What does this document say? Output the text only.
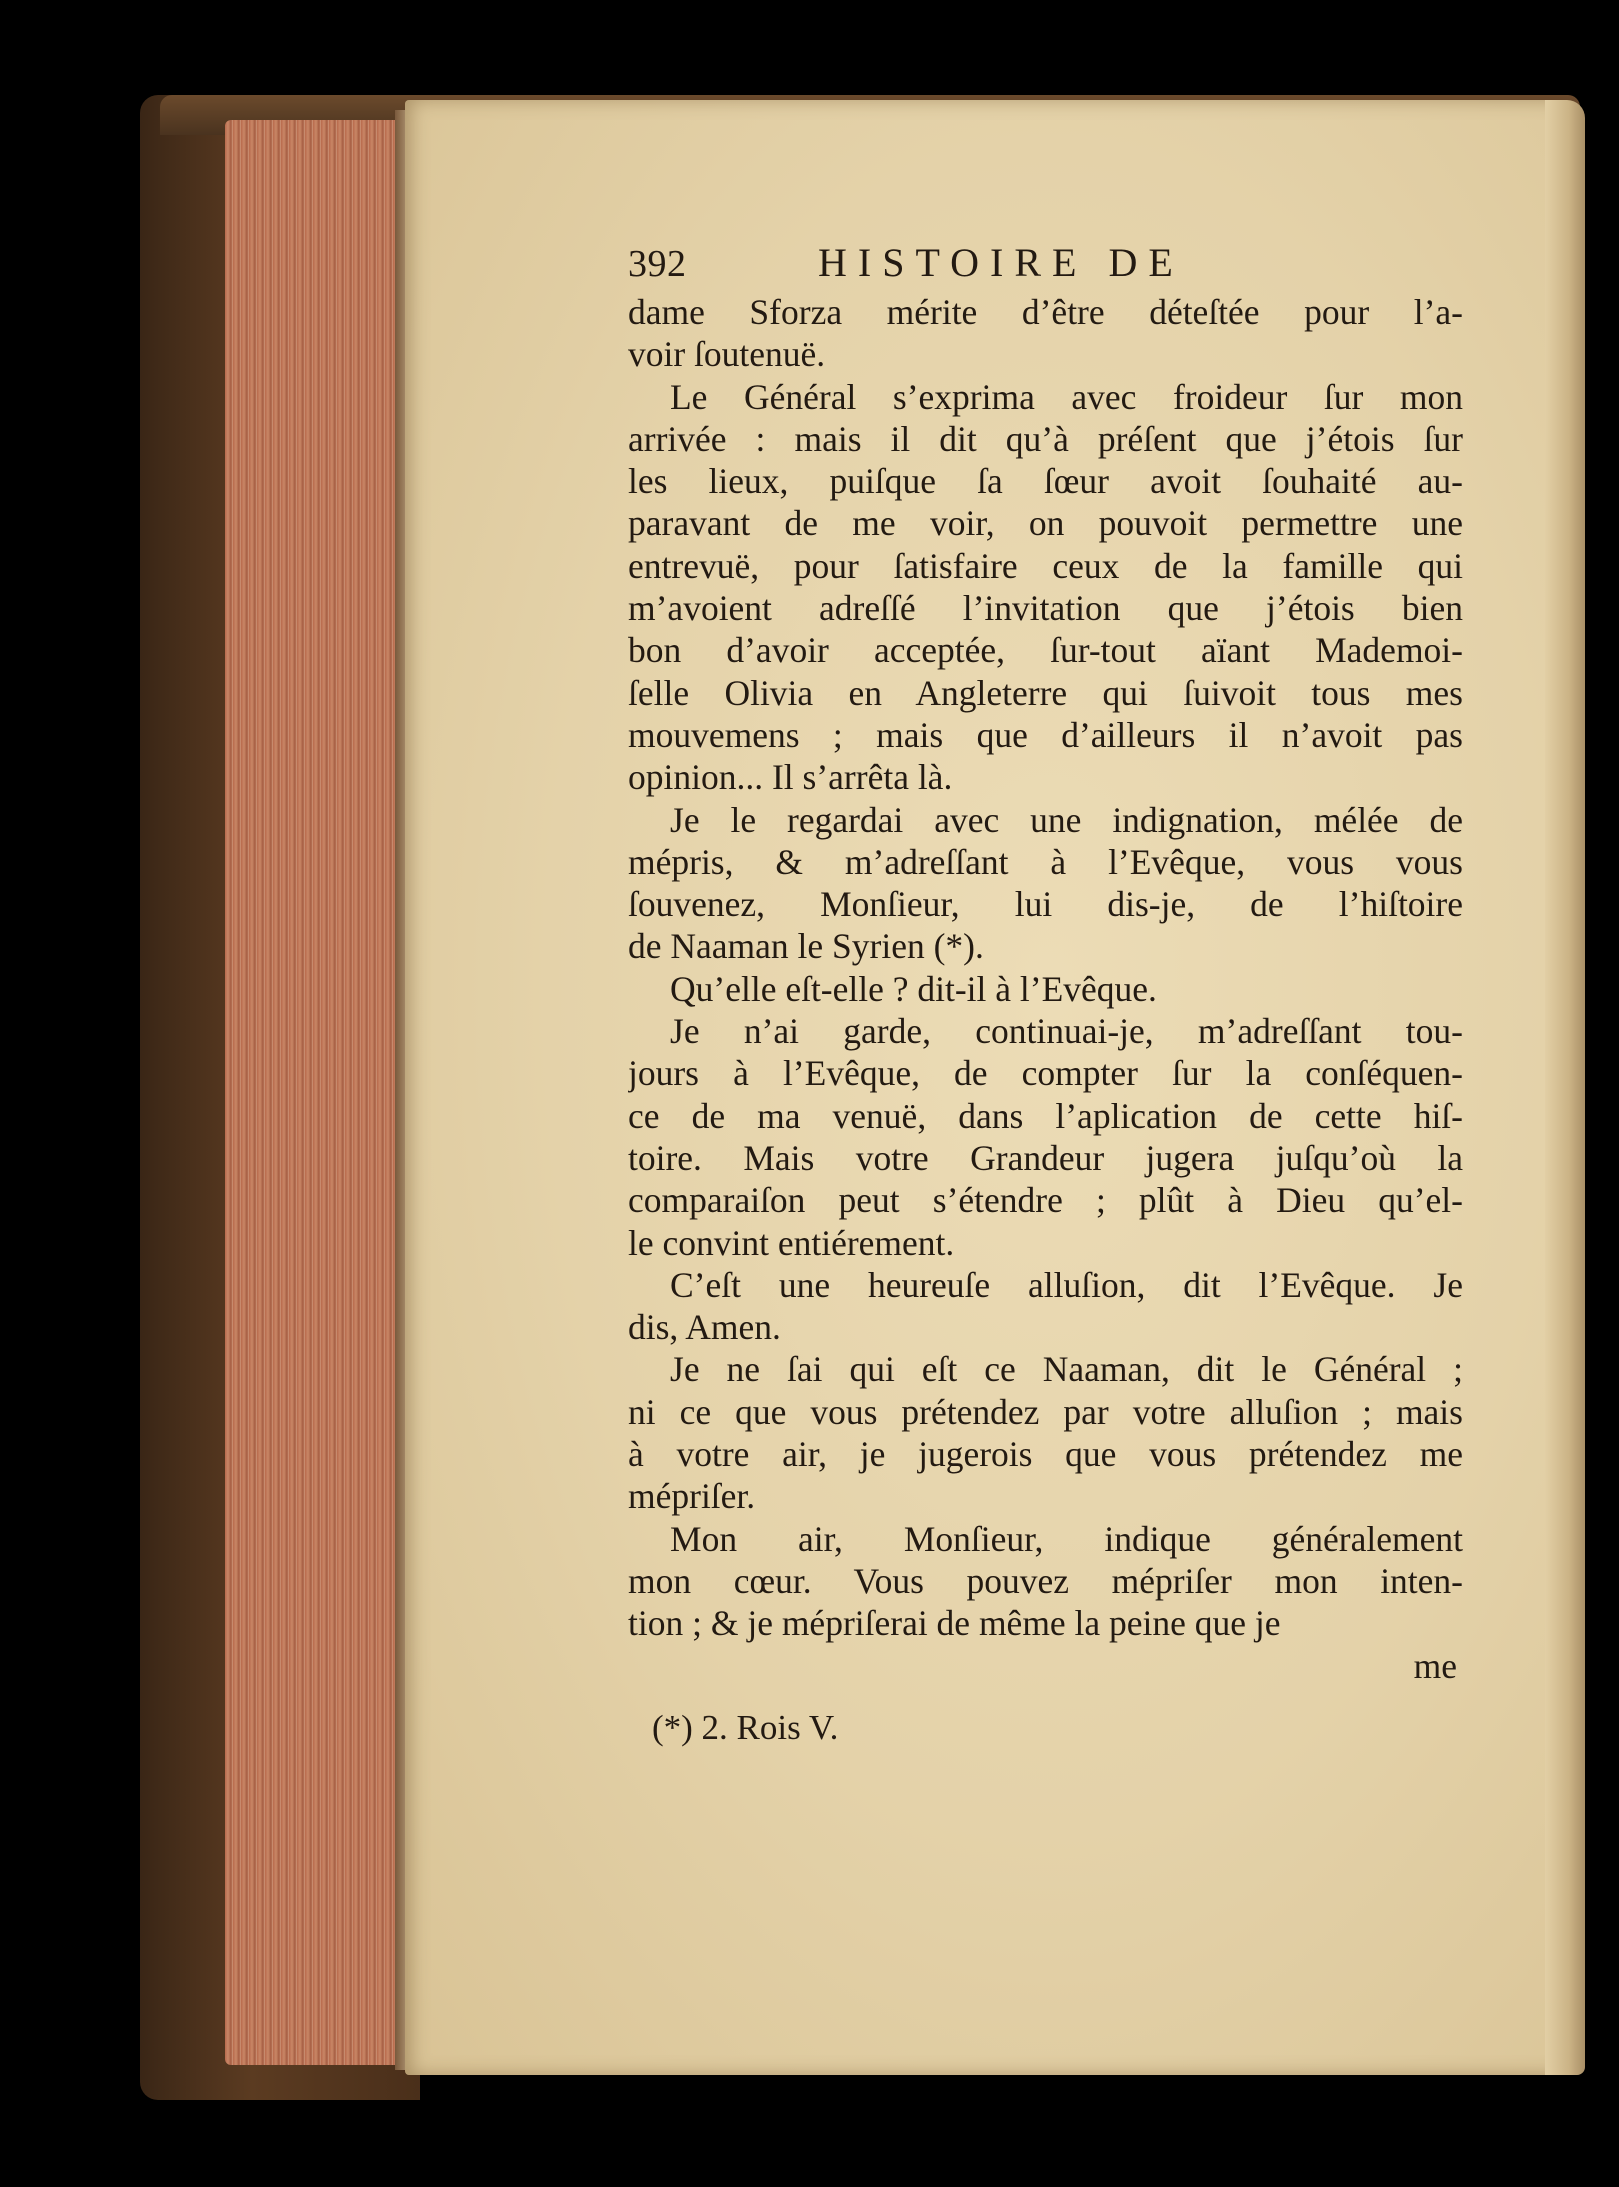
392	HISTOIRE DE
dame Sforza mérite d’être déteſtée pour l’a-
voir ſoutenuë.
Le Général s’exprima avec froideur ſur mon
arrivée : mais il dit qu’à préſent que j’étois ſur
les lieux, puiſque ſa ſœur avoit ſouhaité au-
paravant de me voir, on pouvoit permettre une
entrevuë, pour ſatisfaire ceux de la famille qui
m’avoient adreſſé l’invitation que j’étois bien
bon d’avoir acceptée, ſur-tout aïant Mademoi-
ſelle Olivia en Angleterre qui ſuivoit tous mes
mouvemens ; mais que d’ailleurs il n’avoit pas
opinion... Il s’arrêta là.
Je le regardai avec une indignation, mélée de
mépris, & m’adreſſant à l’Evêque, vous vous
ſouvenez, Monſieur, lui dis-je, de l’hiſtoire
de Naaman le Syrien (*).
Qu’elle eſt-elle ? dit-il à l’Evêque.
Je n’ai garde, continuai-je, m’adreſſant tou-
jours à l’Evêque, de compter ſur la conſéquen-
ce de ma venuë, dans l’aplication de cette hiſ-
toire. Mais votre Grandeur jugera juſqu’où la
comparaiſon peut s’étendre ; plût à Dieu qu’el-
le convint entiérement.
C’eſt une heureuſe alluſion, dit l’Evêque. Je
dis, Amen.
Je ne ſai qui eſt ce Naaman, dit le Général ;
ni ce que vous prétendez par votre alluſion ; mais
à votre air, je jugerois que vous prétendez me
mépriſer.
Mon air, Monſieur, indique généralement
mon cœur. Vous pouvez mépriſer mon inten-
tion ; & je mépriſerai de même la peine que je
me
(*) 2. Rois V.
